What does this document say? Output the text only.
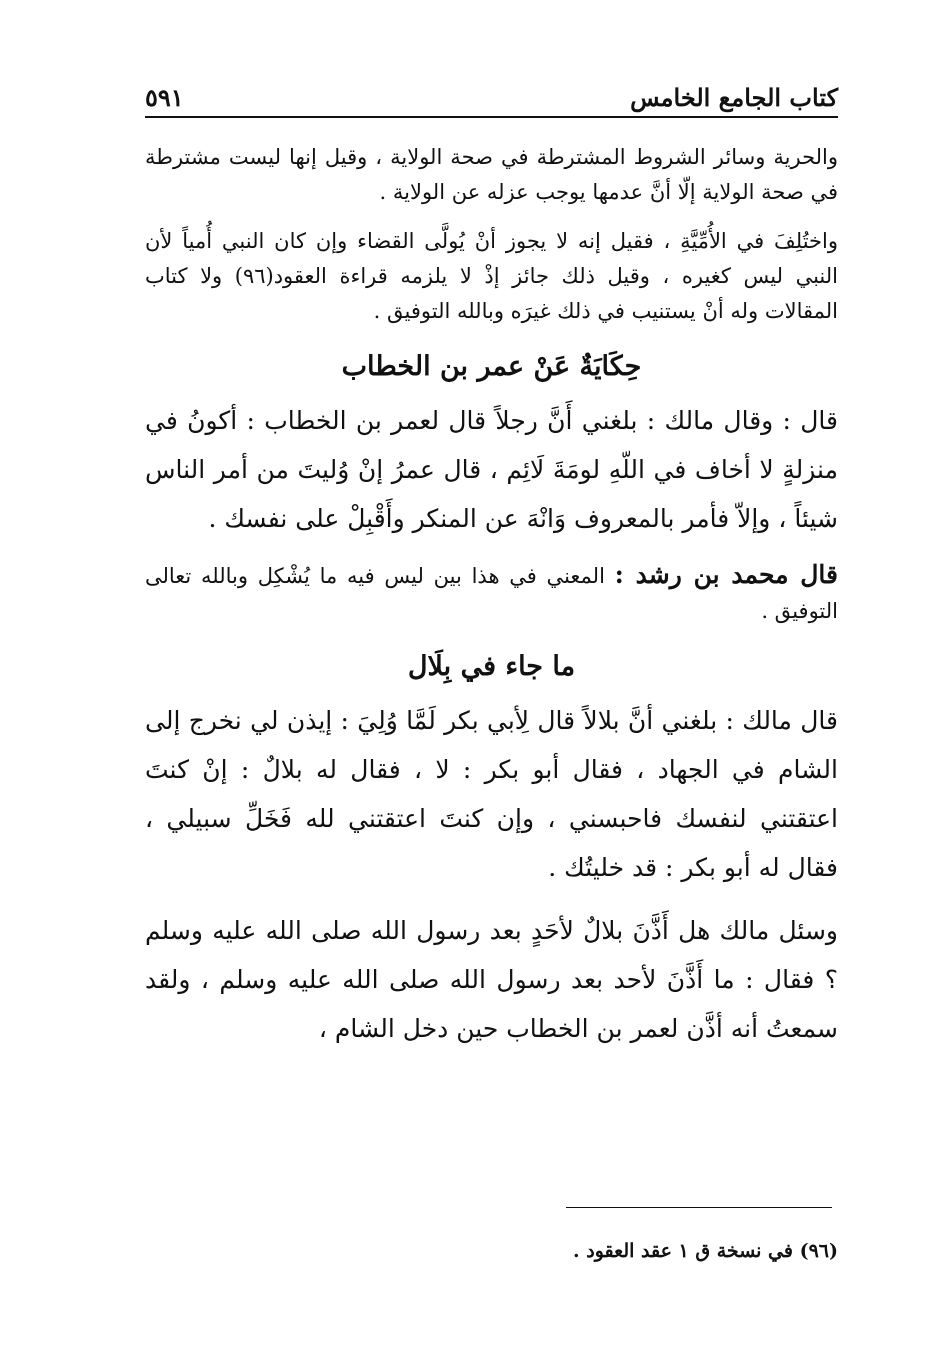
كتاب الجامع الخامس
٥٩١

والحرية وسائر الشروط المشترطة في صحة الولاية ، وقيل إنها ليست مشترطة في صحة الولاية إلّا أنَّ عدمها يوجب عزله عن الولاية .

واختُلِفَ في الأُمِّيَّةِ ، فقيل إنه لا يجوز أنْ يُولَّى القضاء وإن كان النبي أُمياً لأن النبي ليس كغيره ، وقيل ذلك جائز إذْ لا يلزمه قراءة العقود(٩٦) ولا كتاب المقالات وله أنْ يستنيب في ذلك غيرَه وبالله التوفيق .

حِكَايَةٌ عَنْ عمر بن الخطاب

قال : وقال مالك : بلغني أَنَّ رجلاً قال لعمر بن الخطاب : أكونُ في منزلةٍ لا أخاف في اللّهِ لومَةَ لَائِم ، قال عمرُ إنْ وُليتَ من أمر الناس شيئاً ، وإلاّ فأمر بالمعروف وَانْهَ عن المنكر وأَقْبِلْ على نفسك .

قال محمد بن رشد : المعني في هذا بين ليس فيه ما يُشْكِل وبالله تعالى التوفيق .

ما جاء في بِلَال

قال مالك : بلغني أنَّ بلالاً قال لِأبي بكر لَمَّا وُلِيَ : إيذن لي نخرج إلى الشام في الجهاد ، فقال أبو بكر : لا ، فقال له بلالٌ : إنْ كنتَ اعتقتني لنفسك فاحبسني ، وإن كنتَ اعتقتني لله فَخَلِّ سبيلي ، فقال له أبو بكر : قد خليتُك .

وسئل مالك هل أَذَّنَ بلالٌ لأحَدٍ بعد رسول الله صلى الله عليه وسلم ؟ فقال : ما أَذَّنَ لأحد بعد رسول الله صلى الله عليه وسلم ، ولقد سمعتُ أنه أذَّن لعمر بن الخطاب حين دخل الشام ،

(٩٦) في نسخة ق ١ عقد العقود .
